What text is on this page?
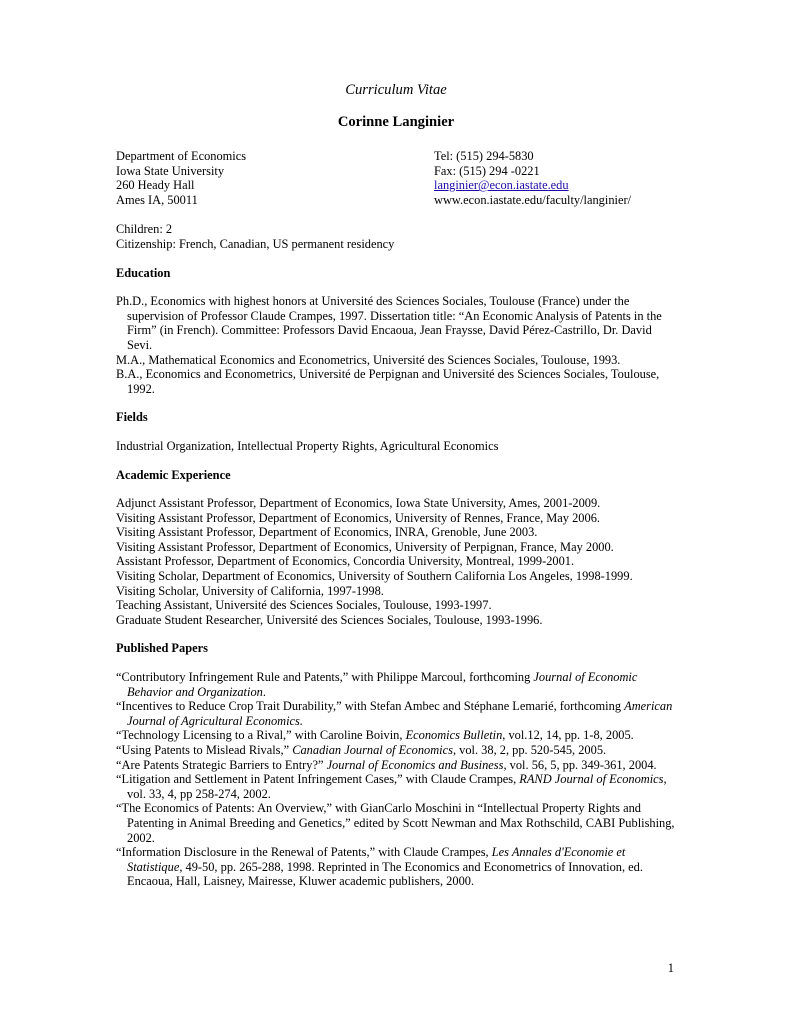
Curriculum Vitae
Corinne Langinier
Department of Economics
Iowa State University
260 Heady Hall
Ames IA, 50011
Tel: (515) 294-5830
Fax: (515) 294 -0221
langinier@econ.iastate.edu
www.econ.iastate.edu/faculty/langinier/
Children: 2
Citizenship: French, Canadian, US permanent residency
Education

Ph.D., Economics with highest honors at Université des Sciences Sociales, Toulouse (France) under the supervision of Professor Claude Crampes, 1997. Dissertation title: “An Economic Analysis of Patents in the Firm” (in French). Committee: Professors David Encaoua, Jean Fraysse, David Pérez-Castrillo, Dr. David Sevi.

M.A., Mathematical Economics and Econometrics, Université des Sciences Sociales, Toulouse, 1993.

B.A., Economics and Econometrics, Université de Perpignan and Université des Sciences Sociales, Toulouse, 1992.

Fields
Industrial Organization, Intellectual Property Rights, Agricultural Economics
Academic Experience
Adjunct Assistant Professor, Department of Economics, Iowa State University, Ames, 2001-2009.
Visiting Assistant Professor, Department of Economics, University of Rennes, France, May 2006.
Visiting Assistant Professor, Department of Economics, INRA, Grenoble, June 2003.
Visiting Assistant Professor, Department of Economics, University of Perpignan, France, May 2000.
Assistant Professor, Department of Economics, Concordia University, Montreal, 1999-2001.
Visiting Scholar, Department of Economics, University of Southern California Los Angeles, 1998-1999.
Visiting Scholar, University of California, 1997-1998.
Teaching Assistant, Université des Sciences Sociales, Toulouse, 1993-1997.
Graduate Student Researcher, Université des Sciences Sociales, Toulouse, 1993-1996.
Published Papers

“Contributory Infringement Rule and Patents,” with Philippe Marcoul, forthcoming Journal of Economic Behavior and Organization.

“Incentives to Reduce Crop Trait Durability,” with Stefan Ambec and Stéphane Lemarié, forthcoming American Journal of Agricultural Economics.

“Technology Licensing to a Rival,” with Caroline Boivin, Economics Bulletin, vol.12, 14, pp. 1-8, 2005.

“Using Patents to Mislead Rivals,” Canadian Journal of Economics, vol. 38, 2, pp. 520-545, 2005.

“Are Patents Strategic Barriers to Entry?” Journal of Economics and Business, vol. 56, 5, pp. 349-361, 2004.

“Litigation and Settlement in Patent Infringement Cases,” with Claude Crampes, RAND Journal of Economics, vol. 33, 4, pp 258-274, 2002.

“The Economics of Patents: An Overview,” with GianCarlo Moschini in “Intellectual Property Rights and Patenting in Animal Breeding and Genetics,” edited by Scott Newman and Max Rothschild, CABI Publishing, 2002.

“Information Disclosure in the Renewal of Patents,” with Claude Crampes, Les Annales d'Economie et Statistique, 49-50, pp. 265-288, 1998. Reprinted in The Economics and Econometrics of Innovation, ed. Encaoua, Hall, Laisney, Mairesse, Kluwer academic publishers, 2000.

1
